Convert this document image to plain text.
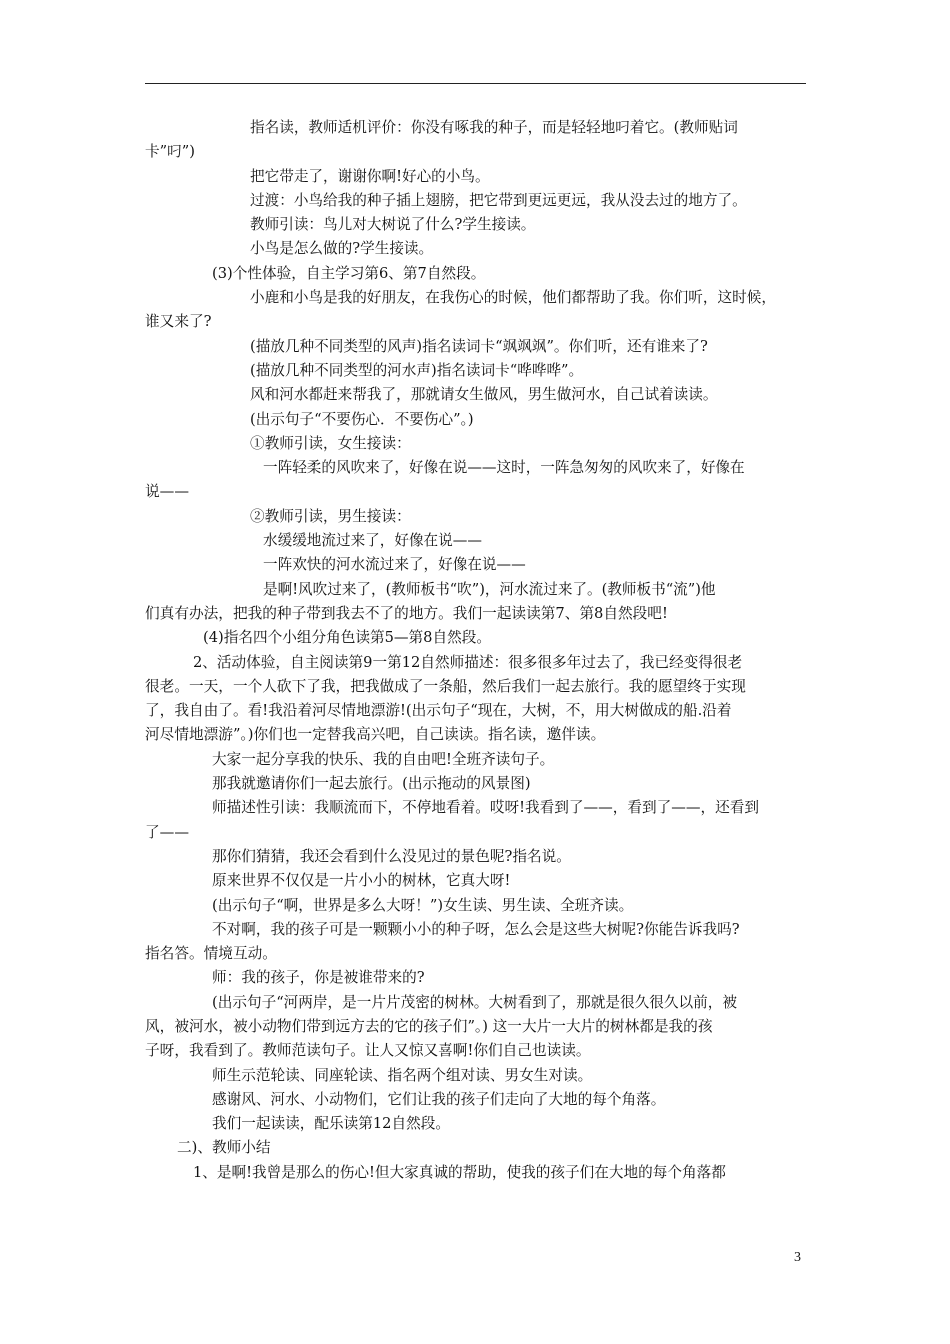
指名读，教师适机评价：你没有啄我的种子，而是轻轻地叼着它。(教师贴词
卡”叼”)
把它带走了，谢谢你啊!好心的小鸟。
过渡：小鸟给我的种子插上翅膀，把它带到更远更远，我从没去过的地方了。
教师引读：鸟儿对大树说了什么?学生接读。
小鸟是怎么做的?学生接读。
(3)个性体验，自主学习第6、第7自然段。
小鹿和小鸟是我的好朋友，在我伤心的时候，他们都帮助了我。你们听，这时候，
谁又来了?
(描放几种不同类型的风声)指名读词卡“飒飒飒”。你们听，还有谁来了?
(描放几种不同类型的河水声)指名读词卡“哗哗哗”。
风和河水都赶来帮我了，那就请女生做风，男生做河水，自己试着读读。
(出示句子“不要伤心．不要伤心”。)
①教师引读，女生接读：
一阵轻柔的风吹来了，好像在说——这时，一阵急匆匆的风吹来了，好像在
说——
②教师引读，男生接读：
水缓缓地流过来了，好像在说——
一阵欢快的河水流过来了，好像在说——
是啊!风吹过来了，(教师板书“吹”)，河水流过来了。(教师板书“流”)他
们真有办法，把我的种子带到我去不了的地方。我们一起读读第7、第8自然段吧!
(4)指名四个小组分角色读第5—第8自然段。
2、活动体验，自主阅读第9一第12自然师描述：很多很多年过去了，我已经变得很老
很老。一天，一个人砍下了我，把我做成了一条船，然后我们一起去旅行。我的愿望终于实现
了，我自由了。看!我沿着河尽情地漂游!(出示句子“现在，大树，不，用大树做成的船.沿着
河尽情地漂游”。)你们也一定替我高兴吧，自己读读。指名读，邀伴读。
大家一起分享我的快乐、我的自由吧!全班齐读句子。
那我就邀请你们一起去旅行。(出示拖动的风景图)
师描述性引读：我顺流而下，不停地看着。哎呀!我看到了——，看到了——，还看到
了——
那你们猜猜，我还会看到什么没见过的景色呢?指名说。
原来世界不仅仅是一片小小的树林，它真大呀!
(出示句子“啊，世界是多么大呀！”)女生读、男生读、全班齐读。
不对啊，我的孩子可是一颗颗小小的种子呀，怎么会是这些大树呢?你能告诉我吗?
指名答。情境互动。
师：我的孩子，你是被谁带来的?
(出示句子“河两岸，是一片片茂密的树林。大树看到了，那就是很久很久以前，被
风，被河水，被小动物们带到远方去的它的孩子们”。) 这一大片一大片的树林都是我的孩
子呀，我看到了。教师范读句子。让人又惊又喜啊!你们自己也读读。
师生示范轮读、同座轮读、指名两个组对读、男女生对读。
感谢风、河水、小动物们，它们让我的孩子们走向了大地的每个角落。
我们一起读读，配乐读第12自然段。
二)、教师小结
1、是啊!我曾是那么的伤心!但大家真诚的帮助，使我的孩子们在大地的每个角落都
3
